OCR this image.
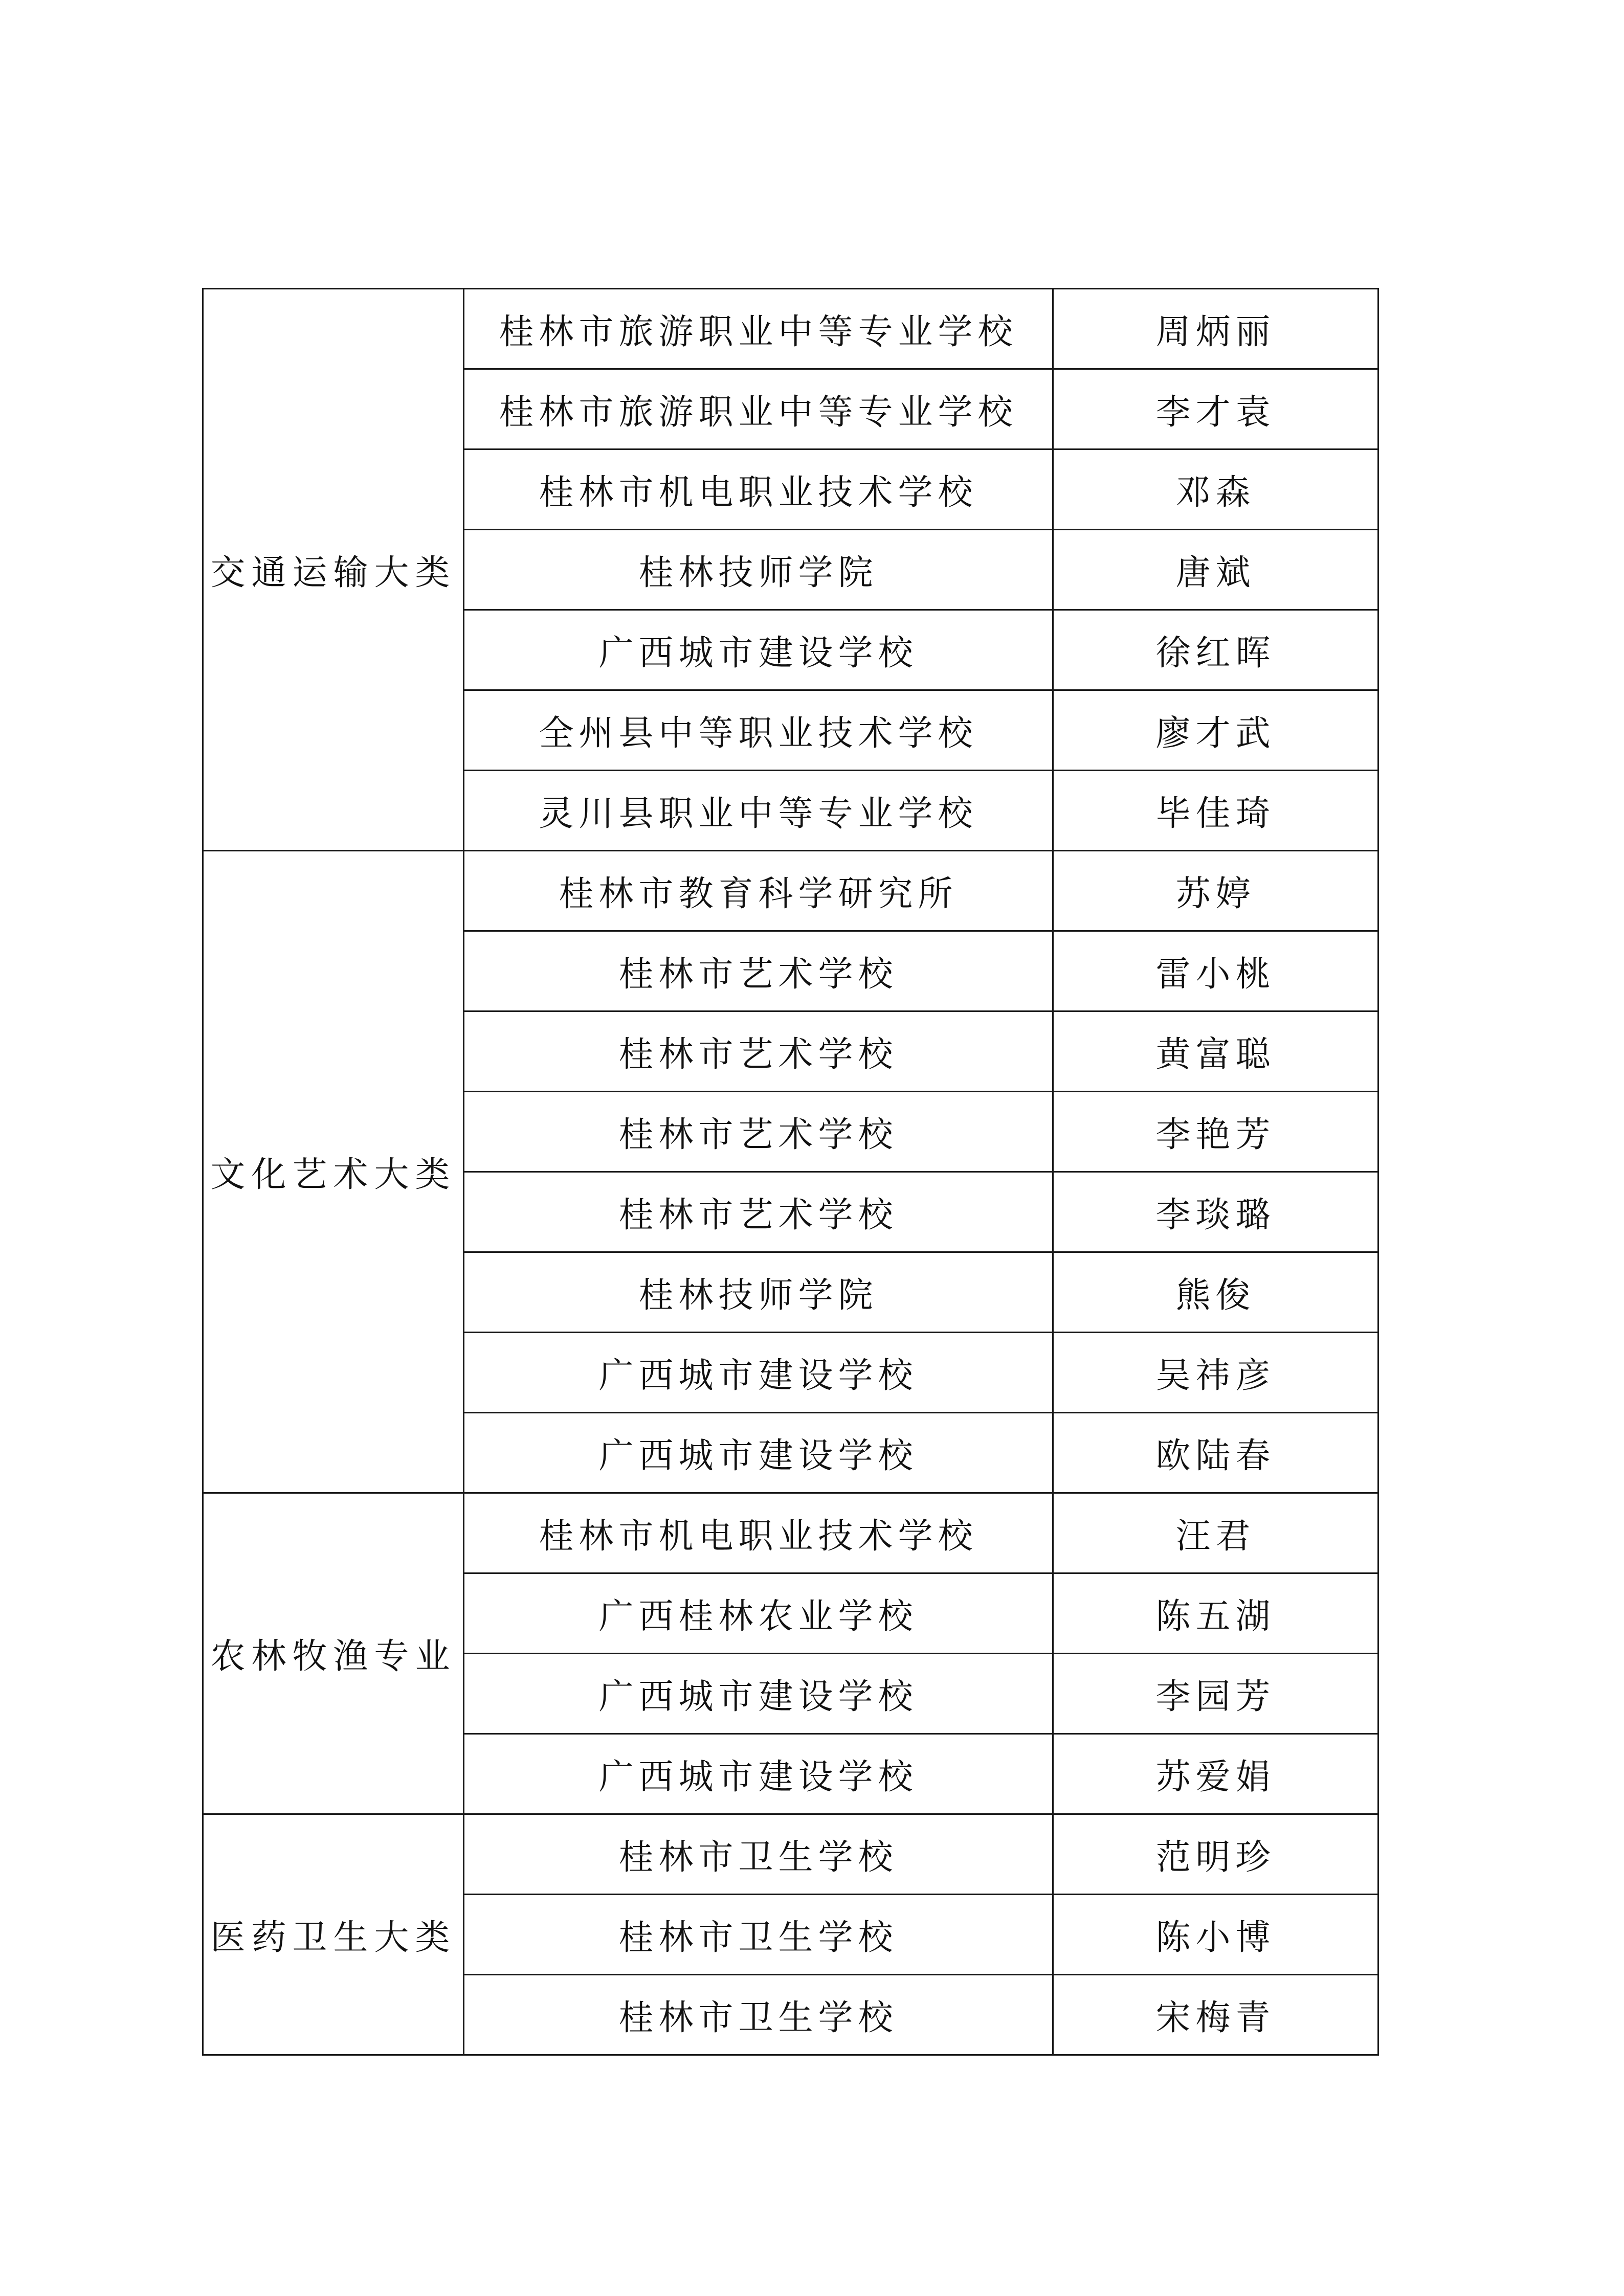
交通运输大类	桂林市旅游职业中等专业学校	周炳丽
	桂林市旅游职业中等专业学校	李才袁
	桂林市机电职业技术学校	邓森
	桂林技师学院	唐斌
	广西城市建设学校	徐红晖
	全州县中等职业技术学校	廖才武
	灵川县职业中等专业学校	毕佳琦
文化艺术大类	桂林市教育科学研究所	苏婷
	桂林市艺术学校	雷小桃
	桂林市艺术学校	黄富聪
	桂林市艺术学校	李艳芳
	桂林市艺术学校	李琰璐
	桂林技师学院	熊俊
	广西城市建设学校	吴祎彦
	广西城市建设学校	欧陆春
农林牧渔专业	桂林市机电职业技术学校	汪君
	广西桂林农业学校	陈五湖
	广西城市建设学校	李园芳
	广西城市建设学校	苏爱娟
医药卫生大类	桂林市卫生学校	范明珍
	桂林市卫生学校	陈小博
	桂林市卫生学校	宋梅青
